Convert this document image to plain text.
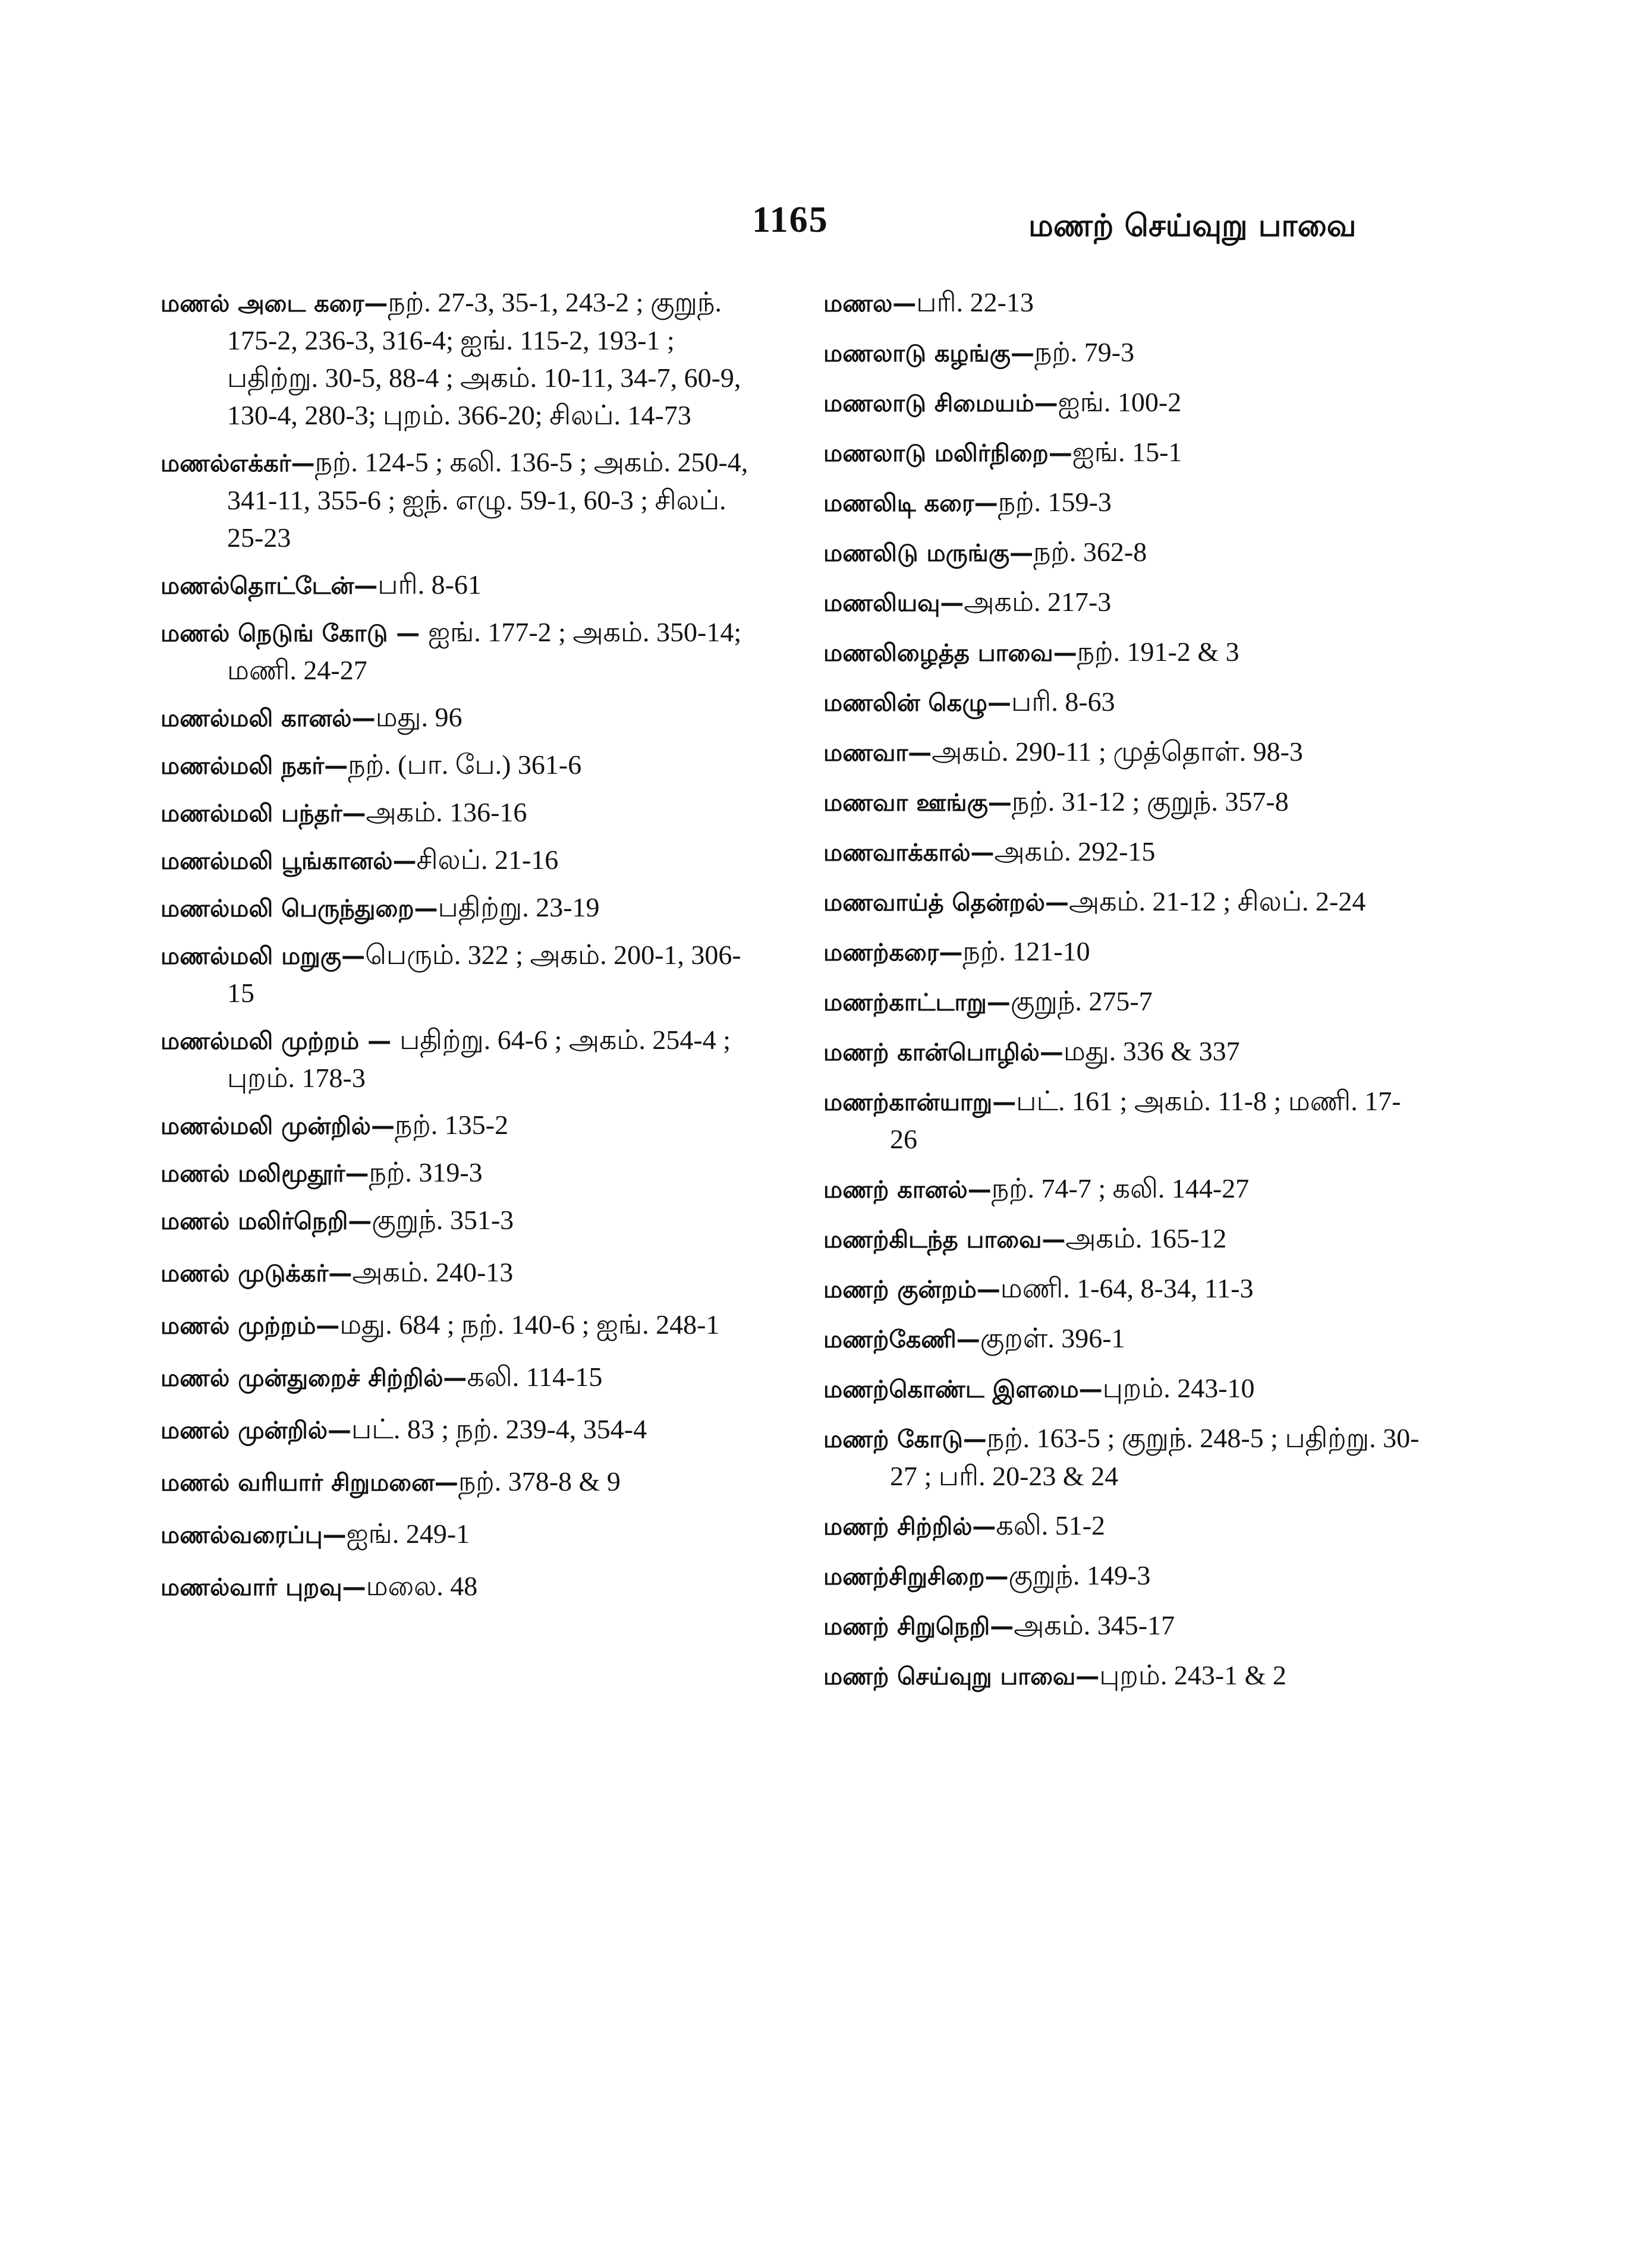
1165	மணற் செய்வுறு பாவை

மணல் அடை கரை—நற். 27-3, 35-1, 243-2 ; குறுந். 175-2, 236-3, 316-4; ஐங். 115-2, 193-1 ; பதிற்று. 30-5, 88-4 ; அகம். 10-11, 34-7, 60-9, 130-4, 280-3; புறம். 366-20; சிலப். 14-73

மணல்எக்கர்—நற். 124-5 ; கலி. 136-5 ; அகம். 250-4, 341-11, 355-6 ; ஐந். எழு. 59-1, 60-3 ; சிலப். 25-23

மணல்தொட்டேன்—பரி. 8-61

மணல் நெடுங் கோடு — ஐங். 177-2 ; அகம். 350-14; மணி. 24-27

மணல்மலி கானல்—மது. 96

மணல்மலி நகர்—நற். (பா. பே.) 361-6

மணல்மலி பந்தர்—அகம். 136-16

மணல்மலி பூங்கானல்—சிலப். 21-16

மணல்மலி பெருந்துறை—பதிற்று. 23-19

மணல்மலி மறுகு—பெரும். 322 ; அகம். 200-1, 306-15

மணல்மலி முற்றம் — பதிற்று. 64-6 ; அகம். 254-4 ; புறம். 178-3

மணல்மலி முன்றில்—நற். 135-2

மணல் மலிமூதூர்—நற். 319-3

மணல் மலிர்நெறி—குறுந். 351-3

மணல் முடுக்கர்—அகம். 240-13

மணல் முற்றம்—மது. 684 ; நற். 140-6 ; ஐங். 248-1

மணல் முன்துறைச் சிற்றில்—கலி. 114-15

மணல் முன்றில்—பட். 83 ; நற். 239-4, 354-4

மணல் வரியார் சிறுமனை—நற். 378-8 & 9

மணல்வரைப்பு—ஐங். 249-1

மணல்வார் புறவு—மலை. 48

மணல—பரி. 22-13

மணலாடு கழங்கு—நற். 79-3

மணலாடு சிமையம்—ஐங். 100-2

மணலாடு மலிர்நிறை—ஐங். 15-1

மணலிடி கரை—நற். 159-3

மணலிடு மருங்கு—நற். 362-8

மணலியவு—அகம். 217-3

மணலிழைத்த பாவை—நற். 191-2 & 3

மணலின் கெழு—பரி. 8-63

மணவா—அகம். 290-11 ; முத்தொள். 98-3

மணவா ஊங்கு—நற். 31-12 ; குறுந். 357-8

மணவாக்கால்—அகம். 292-15

மணவாய்த் தென்றல்—அகம். 21-12 ; சிலப். 2-24

மணற்கரை—நற். 121-10

மணற்காட்டாறு—குறுந். 275-7

மணற் கான்பொழில்—மது. 336 & 337

மணற்கான்யாறு—பட். 161 ; அகம். 11-8 ; மணி. 17-26

மணற் கானல்—நற். 74-7 ; கலி. 144-27

மணற்கிடந்த பாவை—அகம். 165-12

மணற் குன்றம்—மணி. 1-64, 8-34, 11-3

மணற்கேணி—குறள். 396-1

மணற்கொண்ட இளமை—புறம். 243-10

மணற் கோடு—நற். 163-5 ; குறுந். 248-5 ; பதிற்று. 30-27 ; பரி. 20-23 & 24

மணற் சிற்றில்—கலி. 51-2

மணற்சிறுசிறை—குறுந். 149-3

மணற் சிறுநெறி—அகம். 345-17

மணற் செய்வுறு பாவை—புறம். 243-1 & 2
